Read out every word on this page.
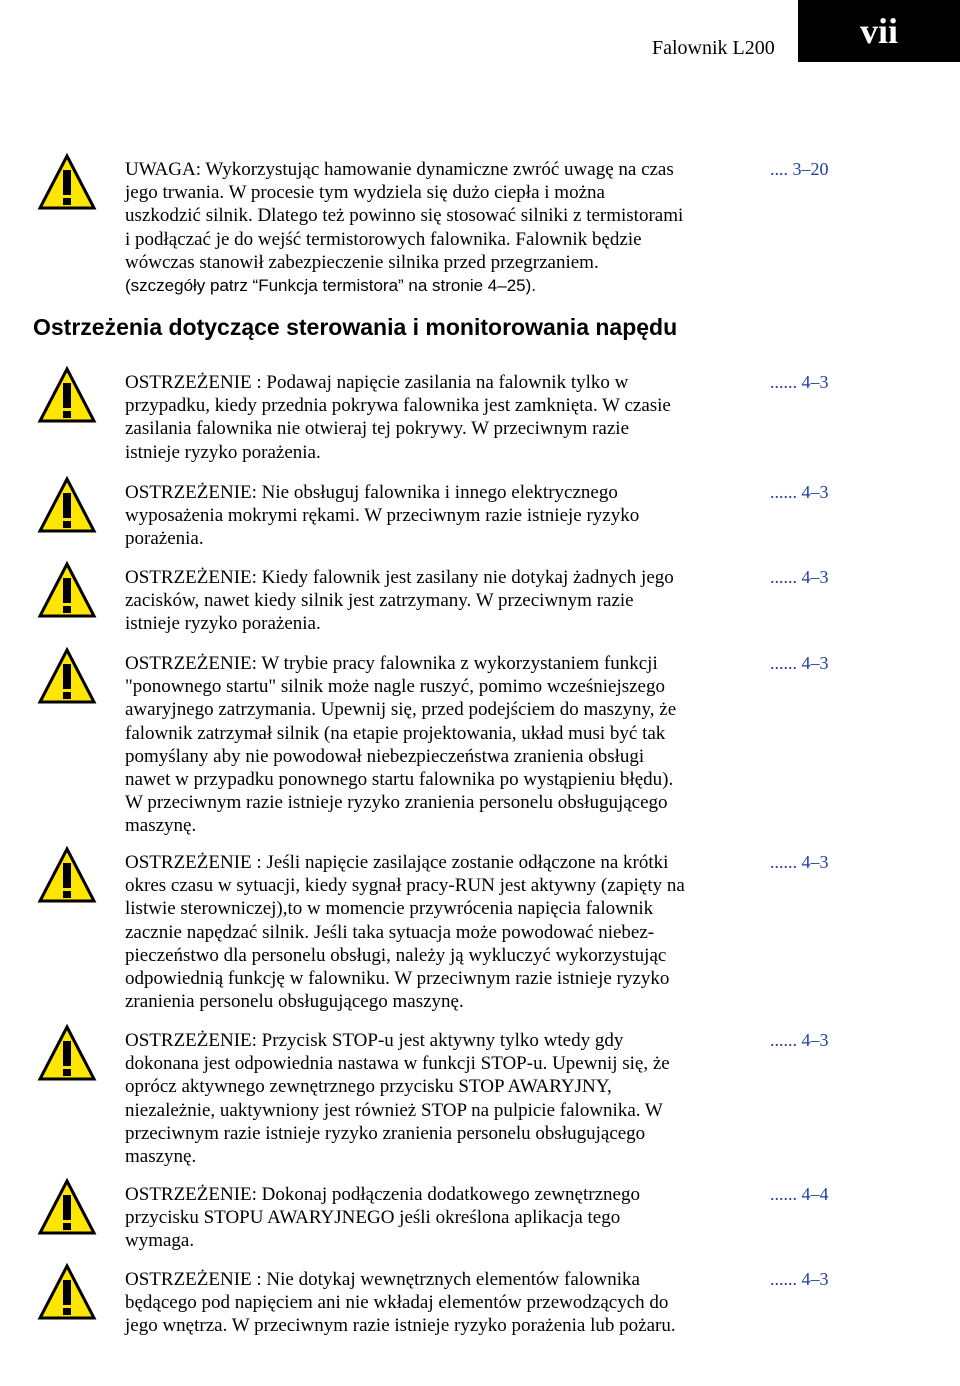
Falownik L200	vii
UWAGA: Wykorzystując hamowanie dynamiczne zwróć uwagę na czas
jego trwania. W procesie tym wydziela się dużo ciepła i można
uszkodzić silnik. Dlatego też powinno się stosować silniki z termistorami
i podłączać je do wejść termistorowych falownika. Falownik będzie
wówczas stanowił zabezpieczenie silnika przed przegrzaniem.
(szczegóły patrz “Funkcja termistora” na stronie 4–25).
.... 3–20
Ostrzeżenia dotyczące sterowania i monitorowania napędu
OSTRZEŻENIE : Podawaj napięcie zasilania na falownik tylko w
przypadku, kiedy przednia pokrywa falownika jest zamknięta. W czasie
zasilania falownika nie otwieraj tej pokrywy. W przeciwnym razie
istnieje ryzyko porażenia.
...... 4–3
OSTRZEŻENIE: Nie obsługuj falownika i innego elektrycznego
wyposażenia mokrymi rękami. W przeciwnym razie istnieje ryzyko
porażenia.
...... 4–3
OSTRZEŻENIE: Kiedy falownik jest zasilany nie dotykaj żadnych jego
zacisków, nawet kiedy silnik jest zatrzymany. W przeciwnym razie
istnieje ryzyko porażenia.
...... 4–3
OSTRZEŻENIE: W trybie pracy falownika z wykorzystaniem funkcji
"ponownego startu" silnik może nagle ruszyć, pomimo wcześniejszego
awaryjnego zatrzymania. Upewnij się, przed podejściem do maszyny, że
falownik zatrzymał silnik (na etapie projektowania, układ musi być tak
pomyślany aby nie powodował niebezpieczeństwa zranienia obsługi
nawet w przypadku ponownego startu falownika po wystąpieniu błędu).
W przeciwnym razie istnieje ryzyko zranienia personelu obsługującego
maszynę.
...... 4–3
OSTRZEŻENIE : Jeśli napięcie zasilające zostanie odłączone na krótki
okres czasu w sytuacji, kiedy sygnał pracy-RUN jest aktywny (zapięty na
listwie sterowniczej),to w momencie przywrócenia napięcia falownik
zacznie napędzać silnik. Jeśli taka sytuacja może powodować niebez-
pieczeństwo dla personelu obsługi, należy ją wykluczyć wykorzystując
odpowiednią funkcję w falowniku. W przeciwnym razie istnieje ryzyko
zranienia personelu obsługującego maszynę.
...... 4–3
OSTRZEŻENIE: Przycisk STOP-u jest aktywny tylko wtedy gdy
dokonana jest odpowiednia nastawa w funkcji STOP-u. Upewnij się, że
oprócz aktywnego zewnętrznego przycisku STOP AWARYJNY,
niezależnie, uaktywniony jest również STOP na pulpicie falownika. W
przeciwnym razie istnieje ryzyko zranienia personelu obsługującego
maszynę.
...... 4–3
OSTRZEŻENIE: Dokonaj podłączenia dodatkowego zewnętrznego
przycisku STOPU AWARYJNEGO jeśli określona aplikacja tego
wymaga.
...... 4–4
OSTRZEŻENIE : Nie dotykaj wewnętrznych elementów falownika
będącego pod napięciem ani nie wkładaj elementów przewodzących do
jego wnętrza. W przeciwnym razie istnieje ryzyko porażenia lub pożaru.
...... 4–3
